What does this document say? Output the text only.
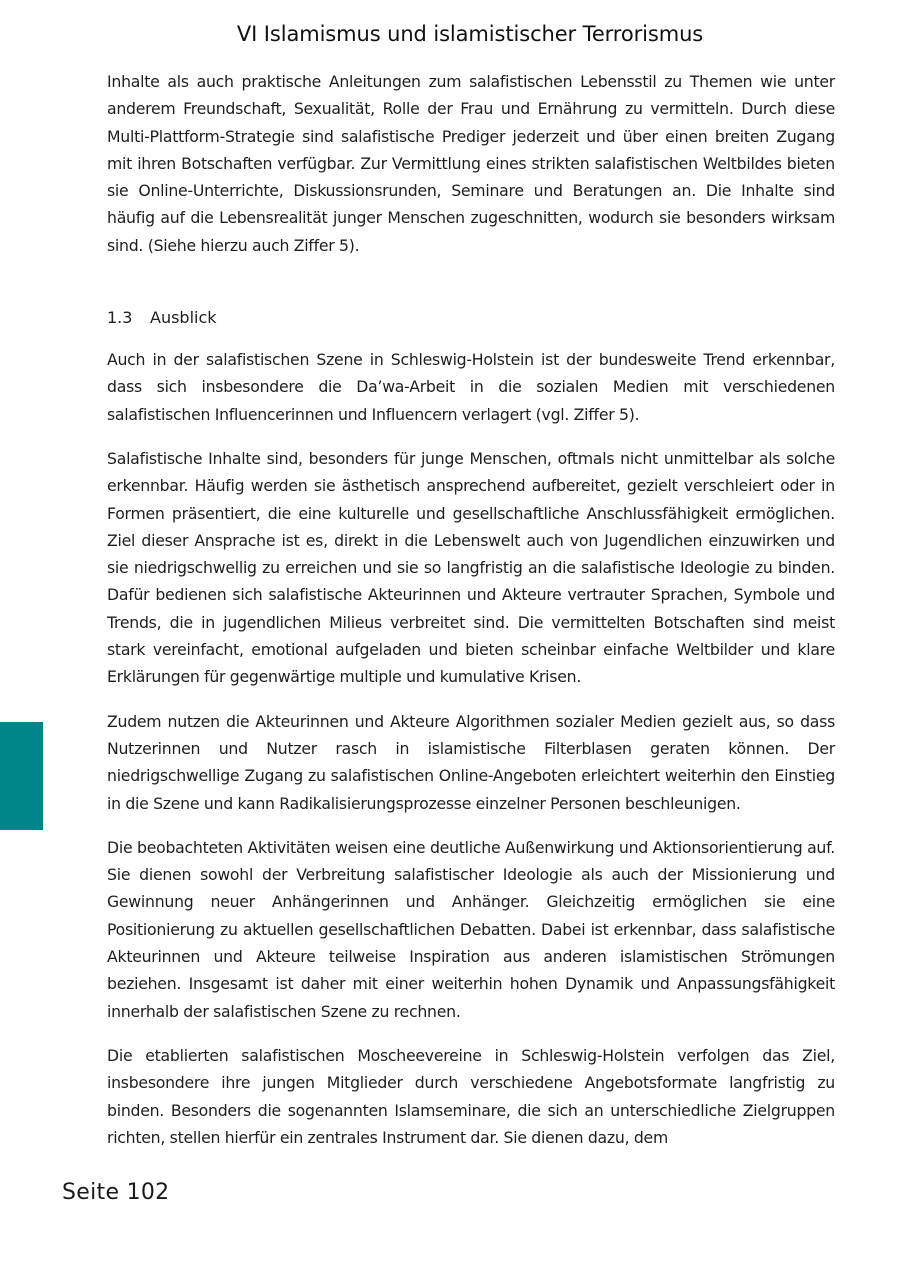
VI Islamismus und islamistischer Terrorismus

Inhalte als auch praktische Anleitungen zum salafistischen Lebensstil zu Themen wie unter anderem Freundschaft, Sexualität, Rolle der Frau und Ernährung zu vermitteln. Durch diese Multi-Plattform-Strategie sind salafistische Prediger jederzeit und über einen breiten Zugang mit ihren Botschaften verfügbar. Zur Vermittlung eines strikten salafistischen Weltbildes bieten sie Online-Unterrichte, Diskussionsrunden, Seminare und Beratungen an. Die Inhalte sind häufig auf die Lebensrealität junger Menschen zugeschnitten, wodurch sie besonders wirksam sind. (Siehe hierzu auch Ziffer 5).

1.3 Ausblick

Auch in der salafistischen Szene in Schleswig-Holstein ist der bundesweite Trend erkennbar, dass sich insbesondere die Da’wa-Arbeit in die sozialen Medien mit verschiedenen salafistischen Influencerinnen und Influencern verlagert (vgl. Ziffer 5).

Salafistische Inhalte sind, besonders für junge Menschen, oftmals nicht unmittelbar als solche erkennbar. Häufig werden sie ästhetisch ansprechend aufbereitet, gezielt verschleiert oder in Formen präsentiert, die eine kulturelle und gesellschaftliche Anschlussfähigkeit ermöglichen. Ziel dieser Ansprache ist es, direkt in die Lebenswelt auch von Jugendlichen einzuwirken und sie niedrigschwellig zu erreichen und sie so langfristig an die salafistische Ideologie zu binden. Dafür bedienen sich salafistische Akteurinnen und Akteure vertrauter Sprachen, Symbole und Trends, die in jugendlichen Milieus verbreitet sind. Die vermittelten Botschaften sind meist stark vereinfacht, emotional aufgeladen und bieten scheinbar einfache Weltbilder und klare Erklärungen für gegenwärtige multiple und kumulative Krisen.

Zudem nutzen die Akteurinnen und Akteure Algorithmen sozialer Medien gezielt aus, so dass Nutzerinnen und Nutzer rasch in islamistische Filterblasen geraten können. Der niedrigschwellige Zugang zu salafistischen Online-Angeboten erleichtert weiterhin den Einstieg in die Szene und kann Radikalisierungsprozesse einzelner Personen beschleunigen.

Die beobachteten Aktivitäten weisen eine deutliche Außenwirkung und Aktionsorientierung auf. Sie dienen sowohl der Verbreitung salafistischer Ideologie als auch der Missionierung und Gewinnung neuer Anhängerinnen und Anhänger. Gleichzeitig ermöglichen sie eine Positionierung zu aktuellen gesellschaftlichen Debatten. Dabei ist erkennbar, dass salafistische Akteurinnen und Akteure teilweise Inspiration aus anderen islamistischen Strömungen beziehen. Insgesamt ist daher mit einer weiterhin hohen Dynamik und Anpassungsfähigkeit innerhalb der salafistischen Szene zu rechnen.

Die etablierten salafistischen Moscheevereine in Schleswig-Holstein verfolgen das Ziel, insbesondere ihre jungen Mitglieder durch verschiedene Angebotsformate langfristig zu binden. Besonders die sogenannten Islamseminare, die sich an unterschiedliche Zielgruppen richten, stellen hierfür ein zentrales Instrument dar. Sie dienen dazu, dem

Seite 102
